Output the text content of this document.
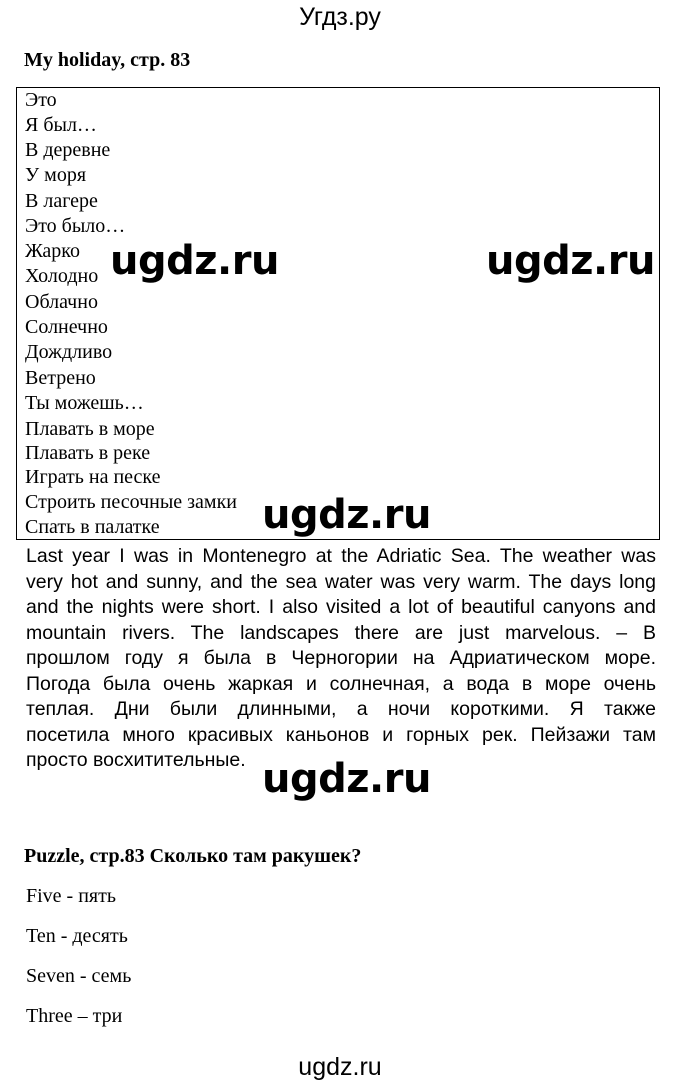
Угдз.ру
My holiday, стр. 83
Это
Я был…
В деревне
У моря
В лагере
Это было…
Жарко
Холодно
Облачно
Солнечно
Дождливо
Ветрено
Ты можешь…
Плавать в море
Плавать в реке
Играть на песке
Строить песочные замки
Спать в палатке
Last year I was in Montenegro at the Adriatic Sea. The weather was
very hot and sunny, and the sea water was very warm. The days long
and the nights were short. I also visited a lot of beautiful canyons and
mountain rivers. The landscapes there are just marvelous. – В
прошлом году я была в Черногории на Адриатическом море.
Погода была очень жаркая и солнечная, а вода в море очень
теплая. Дни были длинными, а ночи короткими. Я также
посетила много красивых каньонов и горных рек. Пейзажи там
просто восхитительные.
Puzzle, стр.83 Сколько там ракушек?
Five - пять
Ten - десять
Seven - семь
Three – три
ugdz.ru	ugdz.ru
ugdz.ru
ugdz.ru
ugdz.ru
